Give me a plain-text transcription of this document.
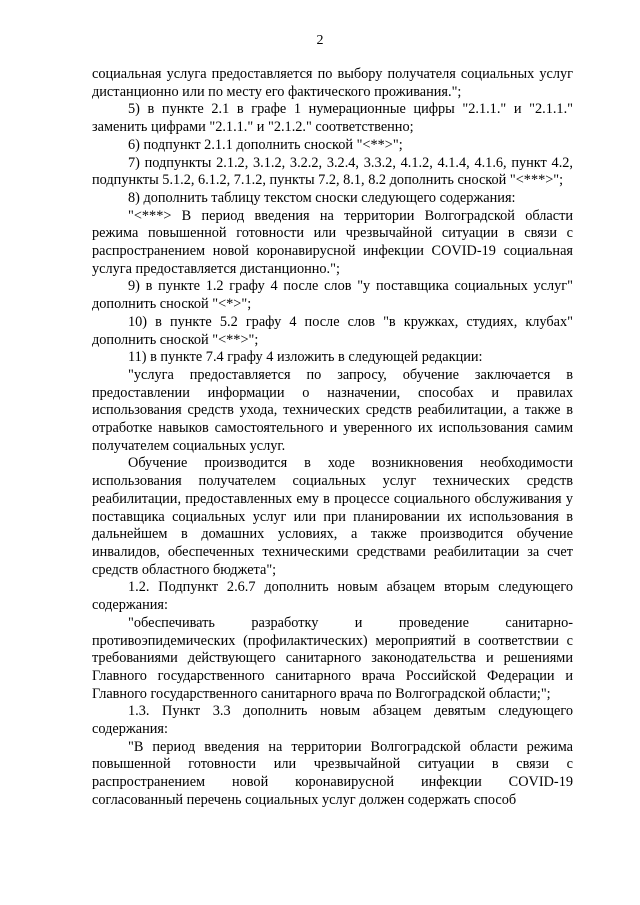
2

социальная услуга предоставляется по выбору получателя социальных услуг дистанционно или по месту его фактического проживания.";

5) в пункте 2.1 в графе 1 нумерационные цифры "2.1.1." и "2.1.1." заменить цифрами "2.1.1." и "2.1.2." соответственно;

6) подпункт 2.1.1 дополнить сноской "<**>";

7) подпункты 2.1.2, 3.1.2, 3.2.2, 3.2.4, 3.3.2, 4.1.2, 4.1.4, 4.1.6, пункт 4.2, подпункты 5.1.2, 6.1.2, 7.1.2, пункты 7.2, 8.1, 8.2 дополнить сноской "<***>";

8) дополнить таблицу текстом сноски следующего содержания:

"<***> В период введения на территории Волгоградской области режима повышенной готовности или чрезвычайной ситуации в связи с распространением новой коронавирусной инфекции COVID-19 социальная услуга предоставляется дистанционно.";

9) в пункте 1.2 графу 4 после слов "у поставщика социальных услуг" дополнить сноской "<*>";

10) в пункте 5.2 графу 4 после слов "в кружках, студиях, клубах" дополнить сноской "<**>";

11) в пункте 7.4 графу 4 изложить в следующей редакции:

"услуга предоставляется по запросу, обучение заключается в предоставлении информации о назначении, способах и правилах использования средств ухода, технических средств реабилитации, а также в отработке навыков самостоятельного и уверенного их использования самим получателем социальных услуг.

Обучение производится в ходе возникновения необходимости использования получателем социальных услуг технических средств реабилитации, предоставленных ему в процессе социального обслуживания у поставщика социальных услуг или при планировании их использования в дальнейшем в домашних условиях, а также производится обучение инвалидов, обеспеченных техническими средствами реабилитации за счет средств областного бюджета";

1.2. Подпункт 2.6.7 дополнить новым абзацем вторым следующего содержания:

"обеспечивать разработку и проведение санитарно-противоэпидемических (профилактических) мероприятий в соответствии с требованиями действующего санитарного законодательства и решениями Главного государственного санитарного врача Российской Федерации и Главного государственного санитарного врача по Волгоградской области;";

1.3. Пункт 3.3 дополнить новым абзацем девятым следующего содержания:

"В период введения на территории Волгоградской области режима повышенной готовности или чрезвычайной ситуации в связи с распространением новой коронавирусной инфекции COVID-19 согласованный перечень социальных услуг должен содержать способ
